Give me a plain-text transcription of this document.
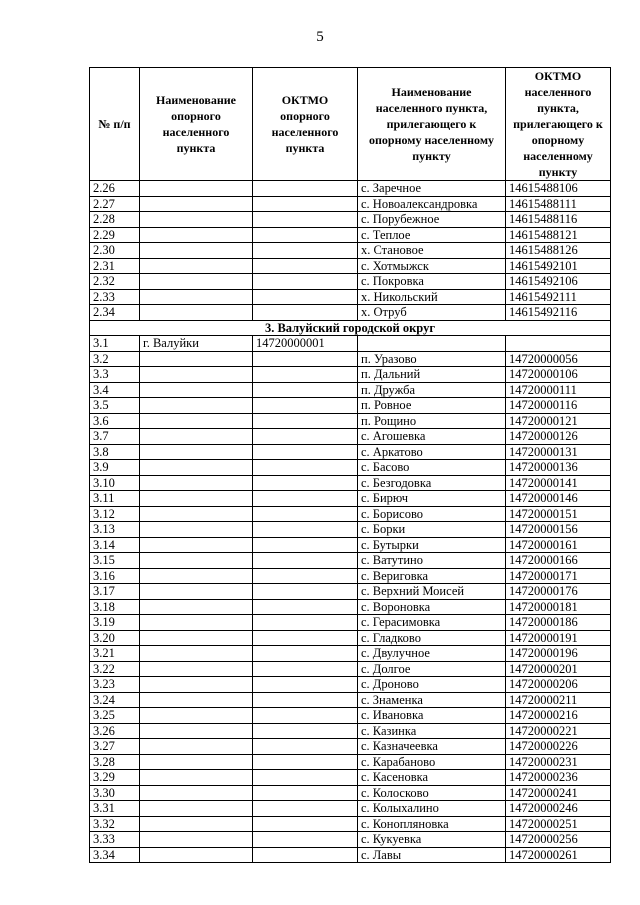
5
№ п/п	Наименование опорного населенного пункта	ОКТМО опорного населенного пункта	Наименование населенного пункта, прилегающего к опорному населенному пункту	ОКТМО населенного пункта, прилегающего к опорному населенному пункту
2.26			с. Заречное	14615488106
2.27			с. Новоалександровка	14615488111
2.28			с. Порубежное	14615488116
2.29			с. Теплое	14615488121
2.30			х. Становое	14615488126
2.31			с. Хотмыжск	14615492101
2.32			с. Покровка	14615492106
2.33			х. Никольский	14615492111
2.34			х. Отруб	14615492116
3. Валуйский городской округ				
3.1	г. Валуйки	14720000001		
3.2			п. Уразово	14720000056
3.3			п. Дальний	14720000106
3.4			п. Дружба	14720000111
3.5			п. Ровное	14720000116
3.6			п. Рощино	14720000121
3.7			с. Агошевка	14720000126
3.8			с. Аркатово	14720000131
3.9			с. Басово	14720000136
3.10			с. Безгодовка	14720000141
3.11			с. Бирюч	14720000146
3.12			с. Борисово	14720000151
3.13			с. Борки	14720000156
3.14			с. Бутырки	14720000161
3.15			с. Ватутино	14720000166
3.16			с. Вериговка	14720000171
3.17			с. Верхний Моисей	14720000176
3.18			с. Вороновка	14720000181
3.19			с. Герасимовка	14720000186
3.20			с. Гладково	14720000191
3.21			с. Двулучное	14720000196
3.22			с. Долгое	14720000201
3.23			с. Дроново	14720000206
3.24			с. Знаменка	14720000211
3.25			с. Ивановка	14720000216
3.26			с. Казинка	14720000221
3.27			с. Казначеевка	14720000226
3.28			с. Карабаново	14720000231
3.29			с. Касеновка	14720000236
3.30			с. Колосково	14720000241
3.31			с. Колыхалино	14720000246
3.32			с. Конопляновка	14720000251
3.33			с. Кукуевка	14720000256
3.34			с. Лавы	14720000261
